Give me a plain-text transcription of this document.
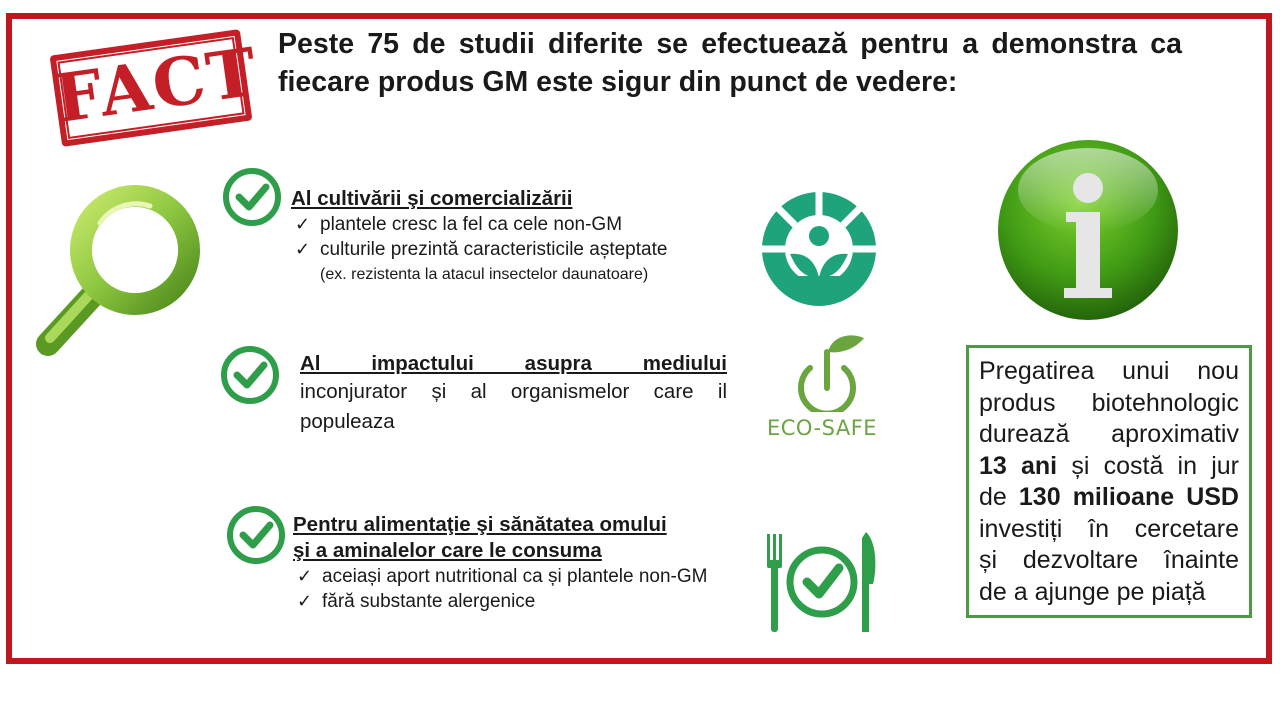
FACT Peste 75 de studii diferite se efectuează pentru a demonstra ca fiecare produs GM este sigur din punct de vedere:
Al cultivării şi comercializării
✓ plantele cresc la fel ca cele non-GM
✓ culturile prezintă caracteristicile așteptate
(ex. rezistenta la atacul insectelor daunatoare)
Al impactului asupra mediului
inconjurator și al organismelor care il populeaza
Pentru alimentaţie şi sănătatea omului
şi a aminalelor care le consuma
✓ aceiași aport nutritional ca și plantele non-GM
✓ fără substante alergenice
ECO-SAFE
Pregatirea unui nou
produs biotehnologic
durează aproximativ
13 ani și costă in jur
de 130 milioane USD
investiți în cercetare
și dezvoltare înainte
de a ajunge pe piață
